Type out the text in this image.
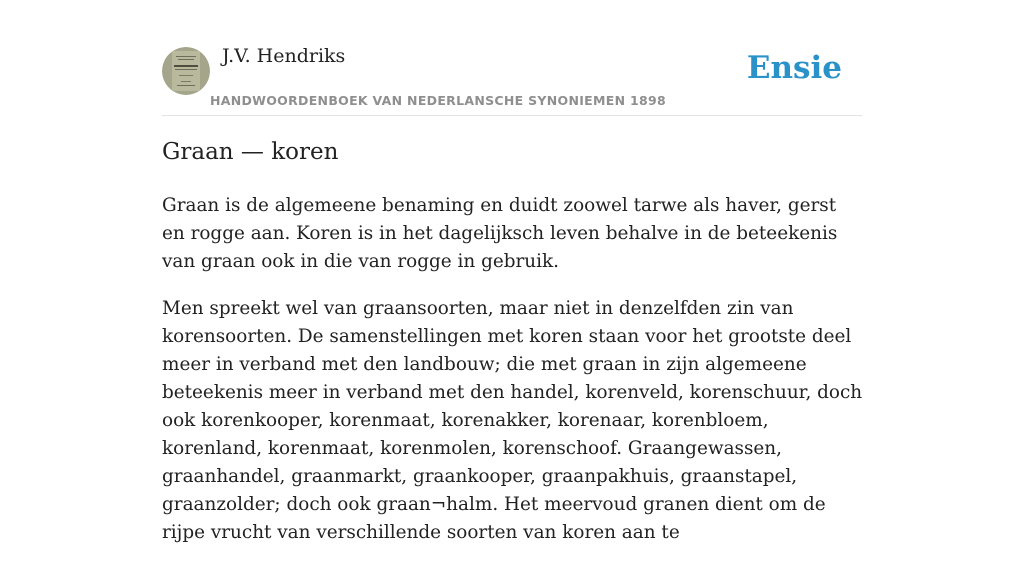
J.V. Hendriks
HANDWOORDENBOEK VAN NEDERLANSCHE SYNONIEMEN 1898
Ensie
Graan — koren

Graan is de algemeene benaming en duidt zoowel tarwe als haver, gerst en rogge aan. Koren is in het dagelijksch leven behalve in de beteekenis van graan ook in die van rogge in gebruik.

Men spreekt wel van graansoorten, maar niet in denzelfden zin van korensoorten. De samenstellingen met koren staan voor het grootste deel meer in verband met den landbouw; die met graan in zijn algemeene beteekenis meer in verband met den handel, korenveld, korenschuur, doch ook korenkooper, korenmaat, korenakker, korenaar, korenbloem, korenland, korenmaat, korenmolen, korenschoof. Graangewassen, graanhandel, graanmarkt, graankooper, graanpakhuis, graanstapel, graanzolder; doch ook graan¬halm. Het meervoud granen dient om de rijpe vrucht van verschillende soorten van koren aan te
